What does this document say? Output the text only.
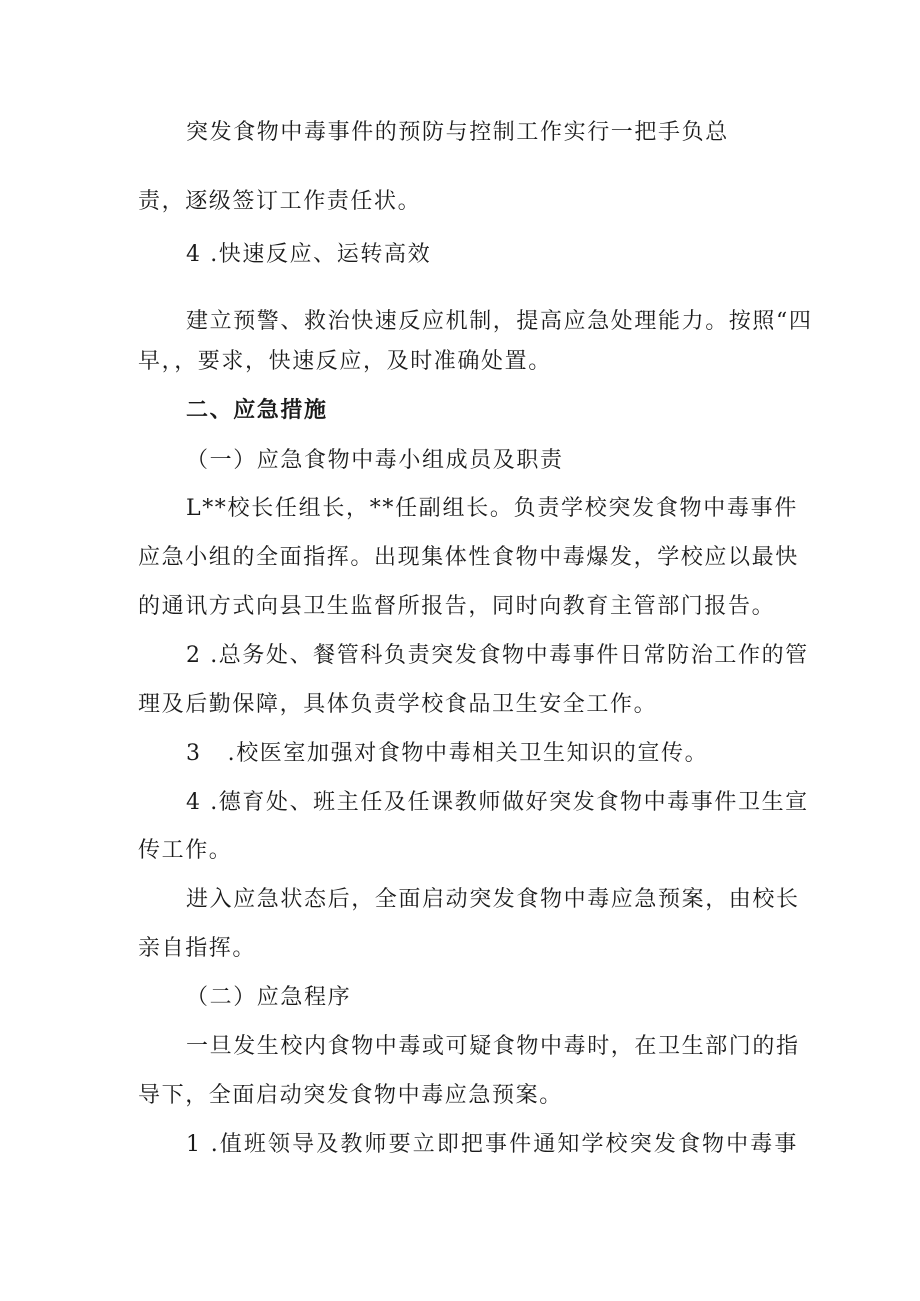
突发食物中毒事件的预防与控制工作实行一把手负总
责，逐级签订工作责任状。
4 .快速反应、运转高效
建立预警、救治快速反应机制，提高应急处理能力。按照“四
早，，要求，快速反应，及时准确处置。
二、应急措施
（一）应急食物中毒小组成员及职责
L**校长任组长，**任副组长。负责学校突发食物中毒事件
应急小组的全面指挥。出现集体性食物中毒爆发，学校应以最快
的通讯方式向县卫生监督所报告，同时向教育主管部门报告。
2 .总务处、餐管科负责突发食物中毒事件日常防治工作的管
理及后勤保障，具体负责学校食品卫生安全工作。
3 .校医室加强对食物中毒相关卫生知识的宣传。
4 .德育处、班主任及任课教师做好突发食物中毒事件卫生宣
传工作。
进入应急状态后，全面启动突发食物中毒应急预案，由校长
亲自指挥。
（二）应急程序
一旦发生校内食物中毒或可疑食物中毒时，在卫生部门的指
导下，全面启动突发食物中毒应急预案。
1 .值班领导及教师要立即把事件通知学校突发食物中毒事
